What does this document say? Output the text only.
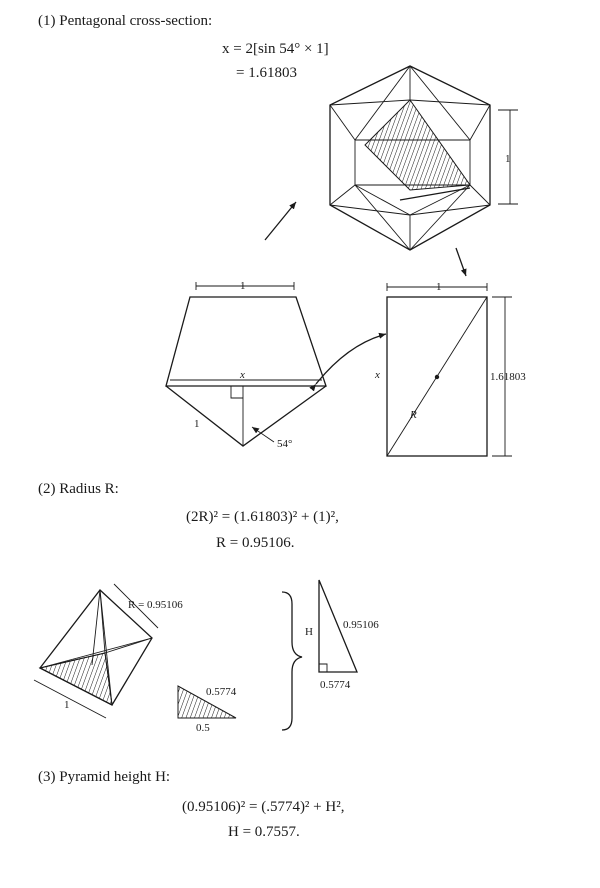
(1) Pentagonal cross-section:
x = 2[sin 54° × 1]
= 1.61803
(2) Radius R:
(2R)² = (1.61803)² + (1)²,
R = 0.95106.
(3) Pyramid height H:
(0.95106)² = (.5774)² + H²,
H = 0.7557.
1
1
x
1
54°
1
x
R
1.61803
R = 0.95106
1
0.5774
0.5
H
0.95106
0.5774
